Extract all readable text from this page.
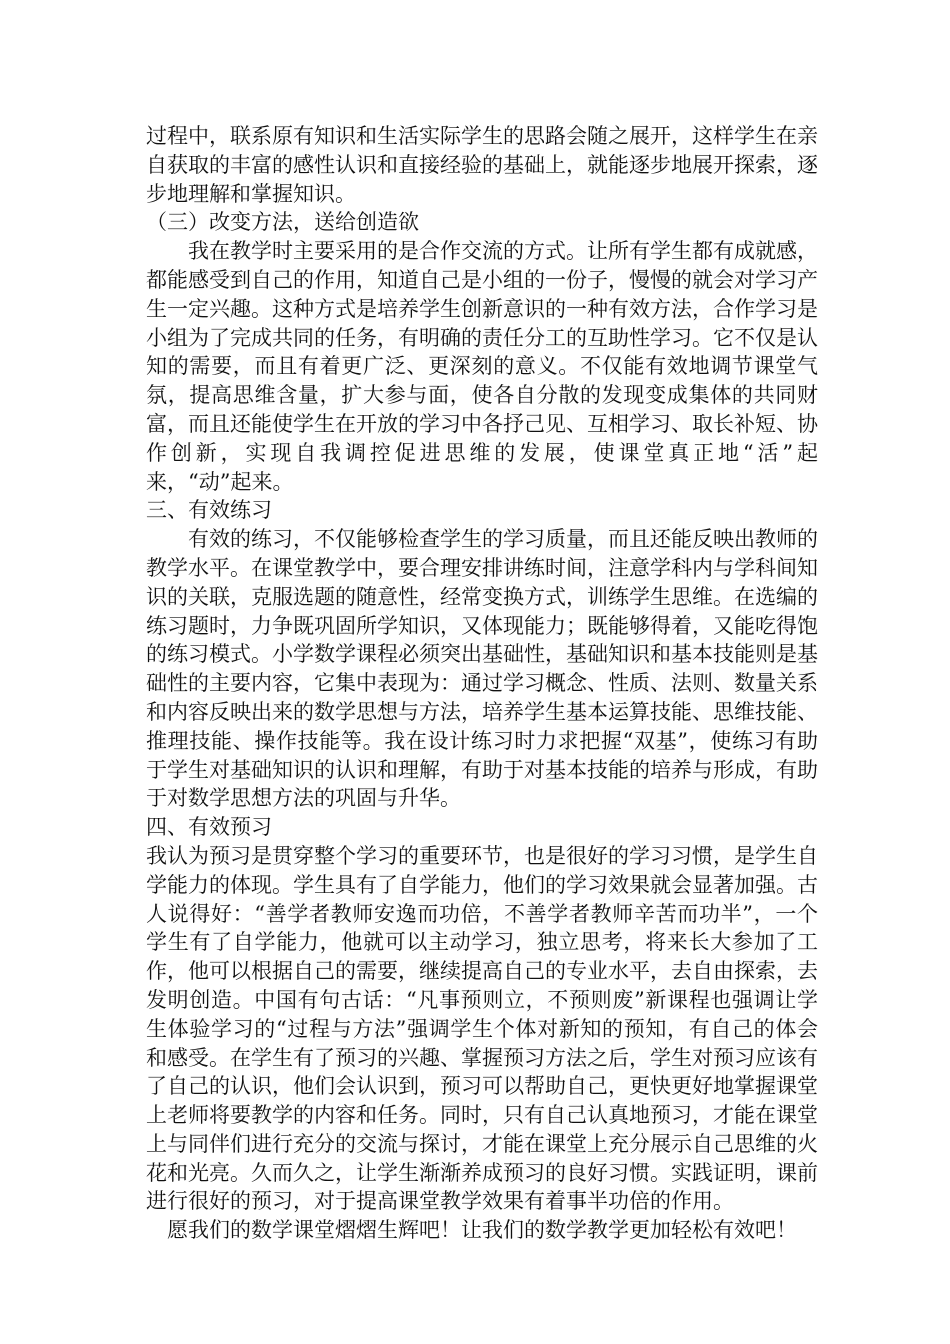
过程中，联系原有知识和生活实际学生的思路会随之展开，这样学生在亲自获取的丰富的感性认识和直接经验的基础上，就能逐步地展开探索，逐步地理解和掌握知识。

（三）改变方法，送给创造欲

我在教学时主要采用的是合作交流的方式。让所有学生都有成就感，都能感受到自己的作用，知道自己是小组的一份子，慢慢的就会对学习产生一定兴趣。这种方式是培养学生创新意识的一种有效方法，合作学习是小组为了完成共同的任务，有明确的责任分工的互助性学习。它不仅是认知的需要，而且有着更广泛、更深刻的意义。不仅能有效地调节课堂气氛，提高思维含量，扩大参与面，使各自分散的发现变成集体的共同财富，而且还能使学生在开放的学习中各抒己见、互相学习、取长补短、协作创新，实现自我调控促进思维的发展，使课堂真正地“活”起来，“动”起来。

三、有效练习

有效的练习，不仅能够检查学生的学习质量，而且还能反映出教师的教学水平。在课堂教学中，要合理安排讲练时间，注意学科内与学科间知识的关联，克服选题的随意性，经常变换方式，训练学生思维。在选编的练习题时，力争既巩固所学知识，又体现能力；既能够得着，又能吃得饱的练习模式。小学数学课程必须突出基础性，基础知识和基本技能则是基础性的主要内容，它集中表现为：通过学习概念、性质、法则、数量关系和内容反映出来的数学思想与方法，培养学生基本运算技能、思维技能、推理技能、操作技能等。我在设计练习时力求把握“双基”，使练习有助于学生对基础知识的认识和理解，有助于对基本技能的培养与形成，有助于对数学思想方法的巩固与升华。

四、有效预习

我认为预习是贯穿整个学习的重要环节，也是很好的学习习惯，是学生自学能力的体现。学生具有了自学能力，他们的学习效果就会显著加强。古人说得好：“善学者教师安逸而功倍，不善学者教师辛苦而功半”，一个学生有了自学能力，他就可以主动学习，独立思考，将来长大参加了工作，他可以根据自己的需要，继续提高自己的专业水平，去自由探索，去发明创造。中国有句古话：“凡事预则立，不预则废”新课程也强调让学生体验学习的“过程与方法”强调学生个体对新知的预知，有自己的体会和感受。在学生有了预习的兴趣、掌握预习方法之后，学生对预习应该有了自己的认识，他们会认识到，预习可以帮助自己，更快更好地掌握课堂上老师将要教学的内容和任务。同时，只有自己认真地预习，才能在课堂上与同伴们进行充分的交流与探讨，才能在课堂上充分展示自己思维的火花和光亮。久而久之，让学生渐渐养成预习的良好习惯。实践证明，课前进行很好的预习，对于提高课堂教学效果有着事半功倍的作用。

愿我们的数学课堂熠熠生辉吧！让我们的数学教学更加轻松有效吧！
